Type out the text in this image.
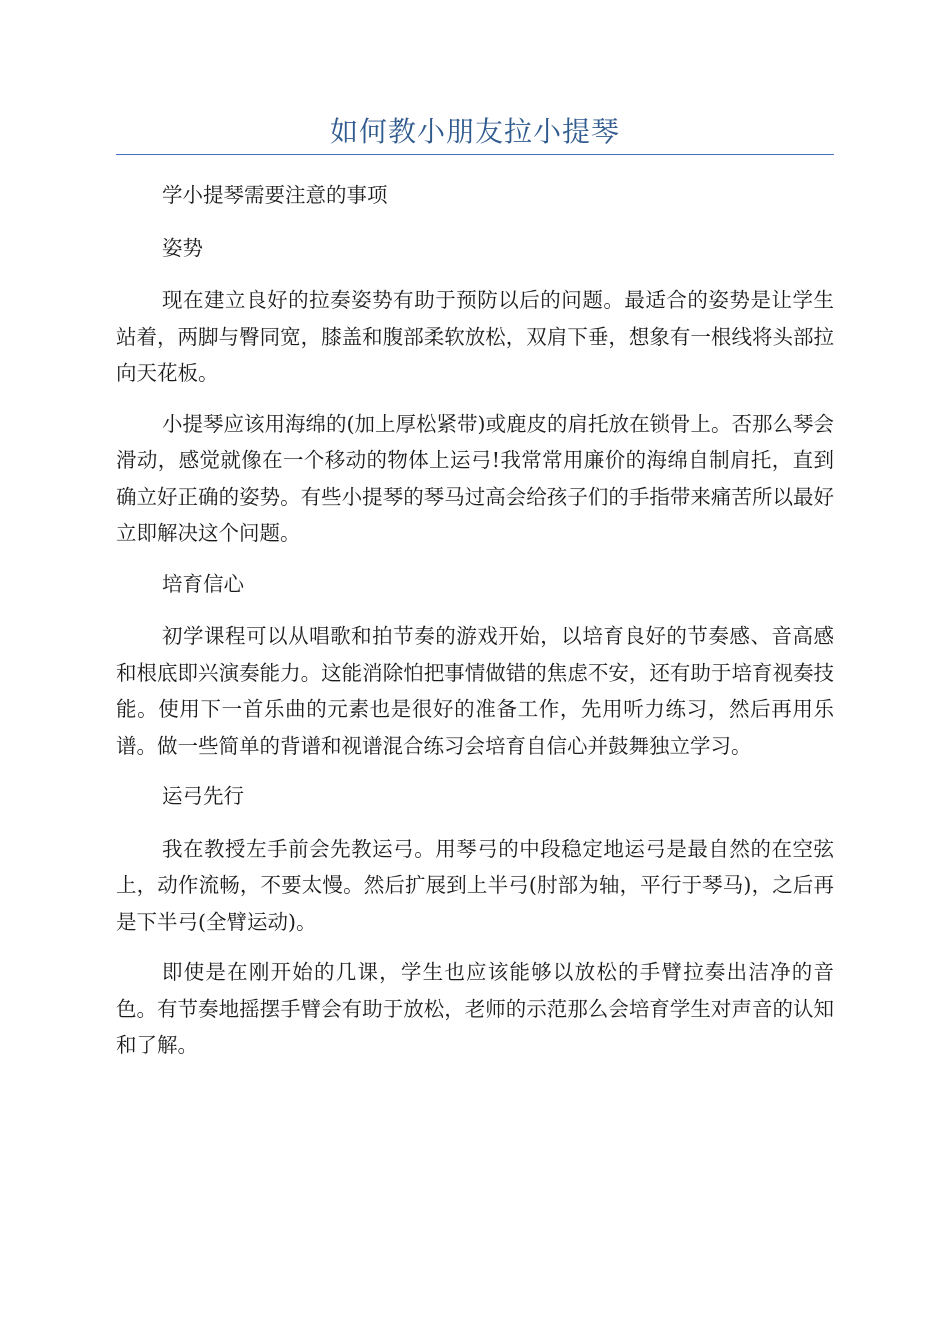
如何教小朋友拉小提琴

学小提琴需要注意的事项

姿势

现在建立良好的拉奏姿势有助于预防以后的问题。最适合的姿势是让学生站着，两脚与臀同宽，膝盖和腹部柔软放松，双肩下垂，想象有一根线将头部拉向天花板。

小提琴应该用海绵的(加上厚松紧带)或鹿皮的肩托放在锁骨上。否那么琴会滑动，感觉就像在一个移动的物体上运弓!我常常用廉价的海绵自制肩托，直到确立好正确的姿势。有些小提琴的琴马过高会给孩子们的手指带来痛苦所以最好立即解决这个问题。

培育信心

初学课程可以从唱歌和拍节奏的游戏开始，以培育良好的节奏感、音高感和根底即兴演奏能力。这能消除怕把事情做错的焦虑不安，还有助于培育视奏技能。使用下一首乐曲的元素也是很好的准备工作，先用听力练习，然后再用乐谱。做一些简单的背谱和视谱混合练习会培育自信心并鼓舞独立学习。

运弓先行

我在教授左手前会先教运弓。用琴弓的中段稳定地运弓是最自然的在空弦上，动作流畅，不要太慢。然后扩展到上半弓(肘部为轴，平行于琴马)，之后再是下半弓(全臂运动)。

即使是在刚开始的几课，学生也应该能够以放松的手臂拉奏出洁净的音色。有节奏地摇摆手臂会有助于放松，老师的示范那么会培育学生对声音的认知和了解。
